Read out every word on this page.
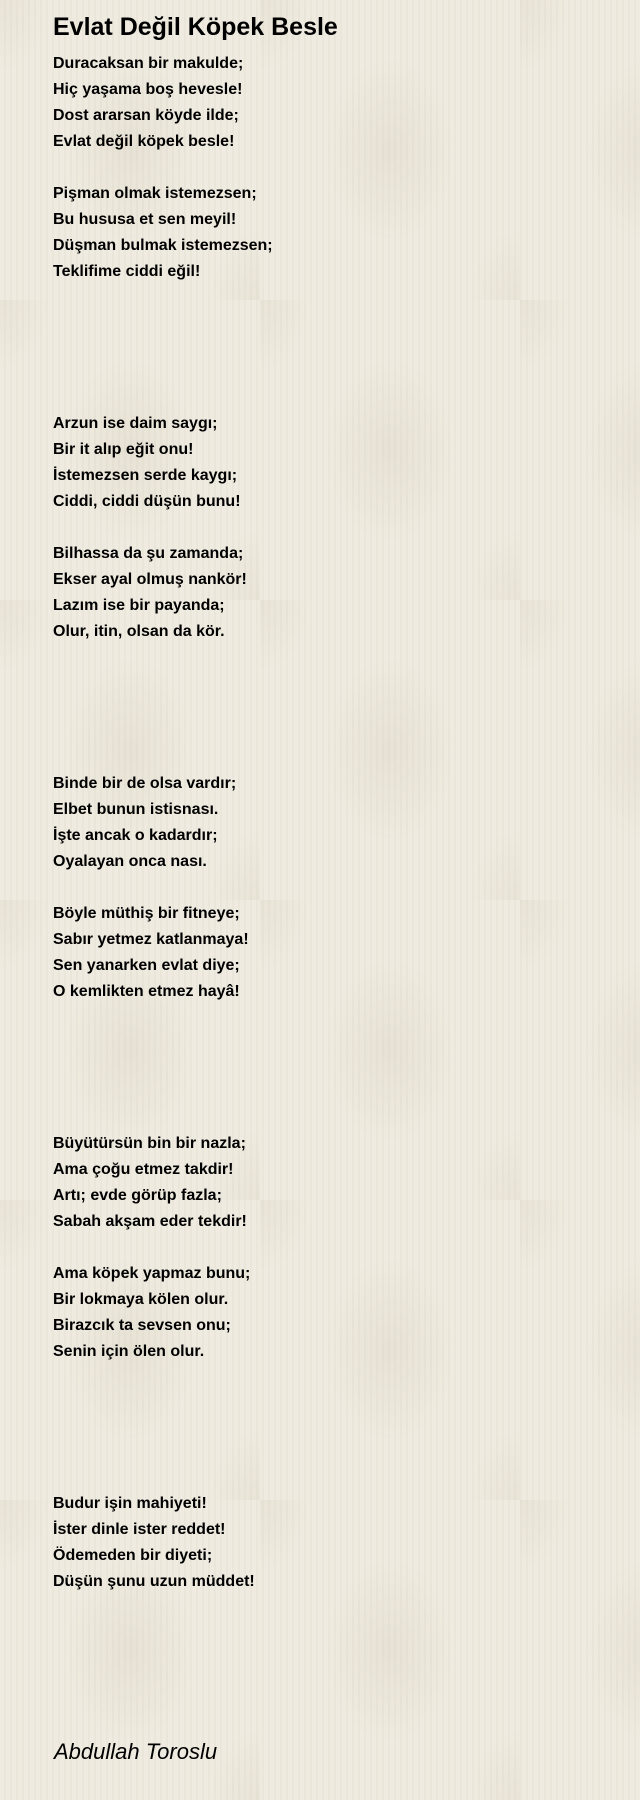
Evlat Değil Köpek Besle
Duracaksan bir makulde;
Hiç yaşama boş hevesle!
Dost ararsan köyde ilde;
Evlat değil köpek besle!
Pişman olmak istemezsen;
Bu hususa et sen meyil!
Düşman bulmak istemezsen;
Teklifime ciddi eğil!
Arzun ise daim saygı;
Bir it alıp eğit onu!
İstemezsen serde kaygı;
Ciddi, ciddi düşün bunu!
Bilhassa da şu zamanda;
Ekser ayal olmuş nankör!
Lazım ise bir payanda;
Olur, itin, olsan da kör.
Binde bir de olsa vardır;
Elbet bunun istisnası.
İşte ancak o kadardır;
Oyalayan onca nası.
Böyle müthiş bir fitneye;
Sabır yetmez katlanmaya!
Sen yanarken evlat diye;
O kemlikten etmez hayâ!
Büyütürsün bin bir nazla;
Ama çoğu etmez takdir!
Artı; evde görüp fazla;
Sabah akşam eder tekdir!
Ama köpek yapmaz bunu;
Bir lokmaya kölen olur.
Birazcık ta sevsen onu;
Senin için ölen olur.
Budur işin mahiyeti!
İster dinle ister reddet!
Ödemeden bir diyeti;
Düşün şunu uzun müddet!
Abdullah Toroslu
